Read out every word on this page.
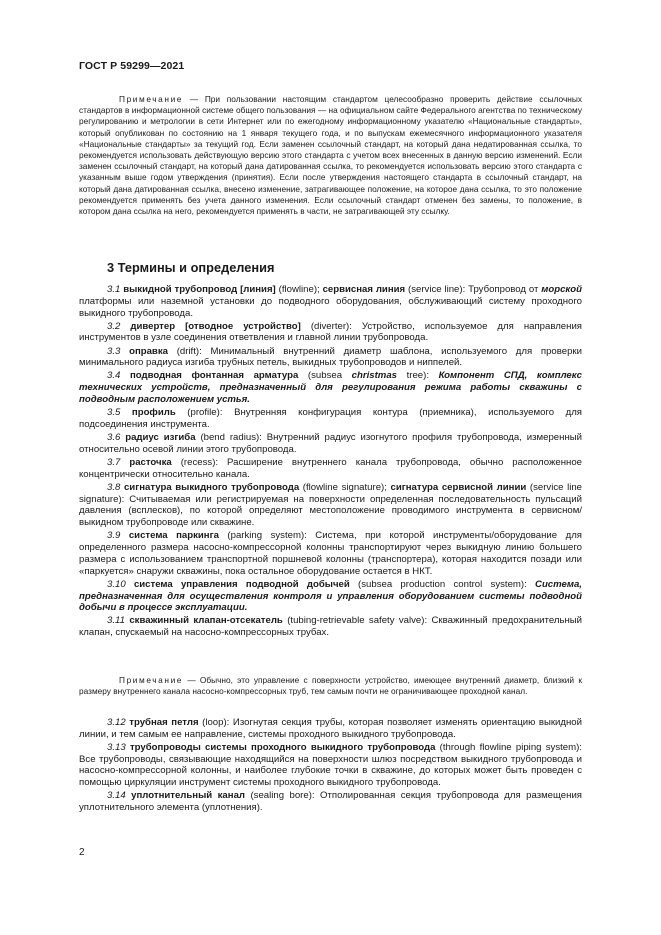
ГОСТ Р 59299—2021
Примечание — При пользовании настоящим стандартом целесообразно проверить действие ссылочных стандартов в информационной системе общего пользования — на официальном сайте Федерального агентства по техническому регулированию и метрологии в сети Интернет или по ежегодному информационному указателю «Национальные стандарты», который опубликован по состоянию на 1 января текущего года, и по выпускам ежемесячного информационного указателя «Национальные стандарты» за текущий год. Если заменен ссылочный стандарт, на который дана недатированная ссылка, то рекомендуется использовать действующую версию этого стандарта с учетом всех внесенных в данную версию изменений. Если заменен ссылочный стандарт, на который дана датированная ссылка, то рекомендуется использовать версию этого стандарта с указанным выше годом утверждения (принятия). Если после утверждения настоящего стандарта в ссылочный стандарт, на который дана датированная ссылка, внесено изменение, затрагивающее положение, на которое дана ссылка, то это положение рекомендуется применять без учета данного изменения. Если ссылочный стандарт отменен без замены, то положение, в котором дана ссылка на него, рекомендуется применять в части, не затрагивающей эту ссылку.
3 Термины и определения

3.1 выкидной трубопровод [линия] (flowline); сервисная линия (service line): Трубопровод от морской платформы или наземной установки до подводного оборудования, обслуживающий систему проходного выкидного трубопровода.

3.2 дивертер [отводное устройство] (diverter): Устройство, используемое для направления инструментов в узле соединения ответвления и главной линии трубопровода.

3.3 оправка (drift): Минимальный внутренний диаметр шаблона, используемого для проверки минимального радиуса изгиба трубных петель, выкидных трубопроводов и ниппелей.

3.4 подводная фонтанная арматура (subsea christmas tree): Компонент СПД, комплекс технических устройств, предназначенный для регулирования режима работы скважины с подводным расположением устья.

3.5 профиль (profile): Внутренняя конфигурация контура (приемника), используемого для подсоединения инструмента.

3.6 радиус изгиба (bend radius): Внутренний радиус изогнутого профиля трубопровода, измеренный относительно осевой линии этого трубопровода.

3.7 расточка (recess): Расширение внутреннего канала трубопровода, обычно расположенное концентрически относительно канала.

3.8 сигнатура выкидного трубопровода (flowline signature); сигнатура сервисной линии (service line signature): Считываемая или регистрируемая на поверхности определенная последовательность пульсаций давления (всплесков), по которой определяют местоположение проводимого инструмента в сервисном/выкидном трубопроводе или скважине.

3.9 система паркинга (parking system): Система, при которой инструменты/оборудование для определенного размера насосно-компрессорной колонны транспортируют через выкидную линию большего размера с использованием транспортной поршневой колонны (транспортера), которая находится позади или «паркуется» снаружи скважины, пока остальное оборудование остается в НКТ.

3.10 система управления подводной добычей (subsea production control system): Система, предназначенная для осуществления контроля и управления оборудованием системы подводной добычи в процессе эксплуатации.

3.11 скважинный клапан-отсекатель (tubing-retrievable safety valve): Скважинный предохранительный клапан, спускаемый на насосно-компрессорных трубах.

Примечание — Обычно, это управление с поверхности устройство, имеющее внутренний диаметр, близкий к размеру внутреннего канала насосно-компрессорных труб, тем самым почти не ограничивающее проходной канал.

3.12 трубная петля (loop): Изогнутая секция трубы, которая позволяет изменять ориентацию выкидной линии, и тем самым ее направление, системы проходного выкидного трубопровода.

3.13 трубопроводы системы проходного выкидного трубопровода (through flowline piping system): Все трубопроводы, связывающие находящийся на поверхности шлюз посредством выкидного трубопровода и насосно-компрессорной колонны, и наиболее глубокие точки в скважине, до которых может быть проведен с помощью циркуляции инструмент системы проходного выкидного трубопровода.

3.14 уплотнительный канал (sealing bore): Отполированная секция трубопровода для размещения уплотнительного элемента (уплотнения).

2
